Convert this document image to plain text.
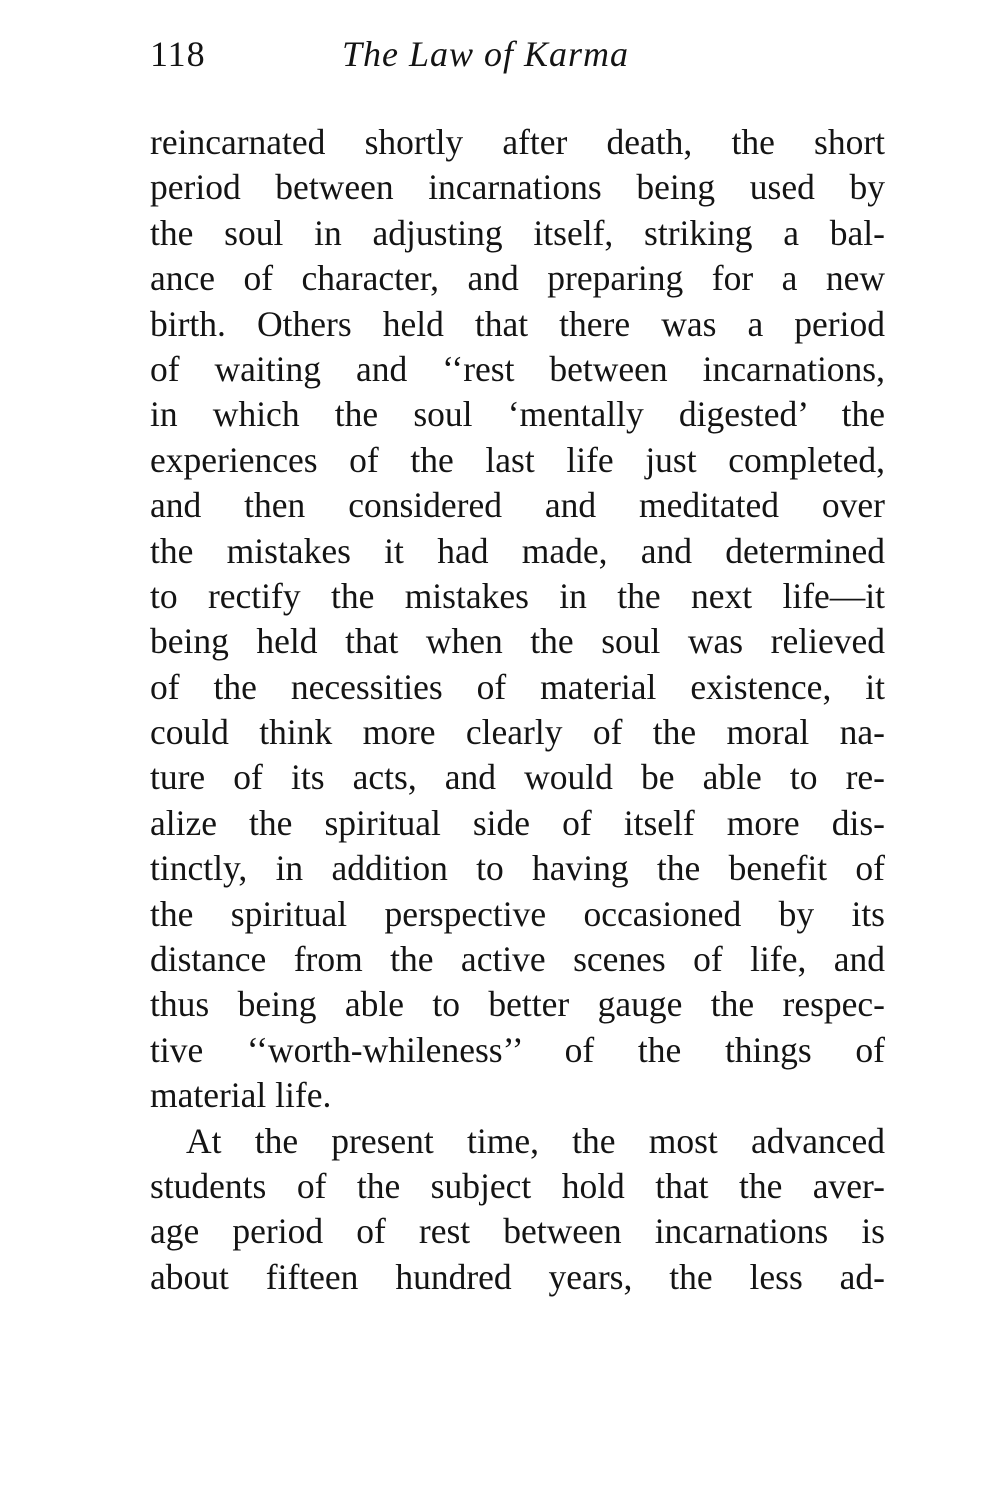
118	The Law of Karma
reincarnated shortly after death, the short
period between incarnations being used by
the soul in adjusting itself, striking a bal-
ance of character, and preparing for a new
birth. Others held that there was a period
of waiting and ‘‘rest between incarnations,
in which the soul ‘mentally digested’ the
experiences of the last life just completed,
and then considered and meditated over
the mistakes it had made, and determined
to rectify the mistakes in the next life—it
being held that when the soul was relieved
of the necessities of material existence, it
could think more clearly of the moral na-
ture of its acts, and would be able to re-
alize the spiritual side of itself more dis-
tinctly, in addition to having the benefit of
the spiritual perspective occasioned by its
distance from the active scenes of life, and
thus being able to better gauge the respec-
tive ‘‘worth-whileness’’ of the things of
material life.
At the present time, the most advanced
students of the subject hold that the aver-
age period of rest between incarnations is
about fifteen hundred years, the less ad-
